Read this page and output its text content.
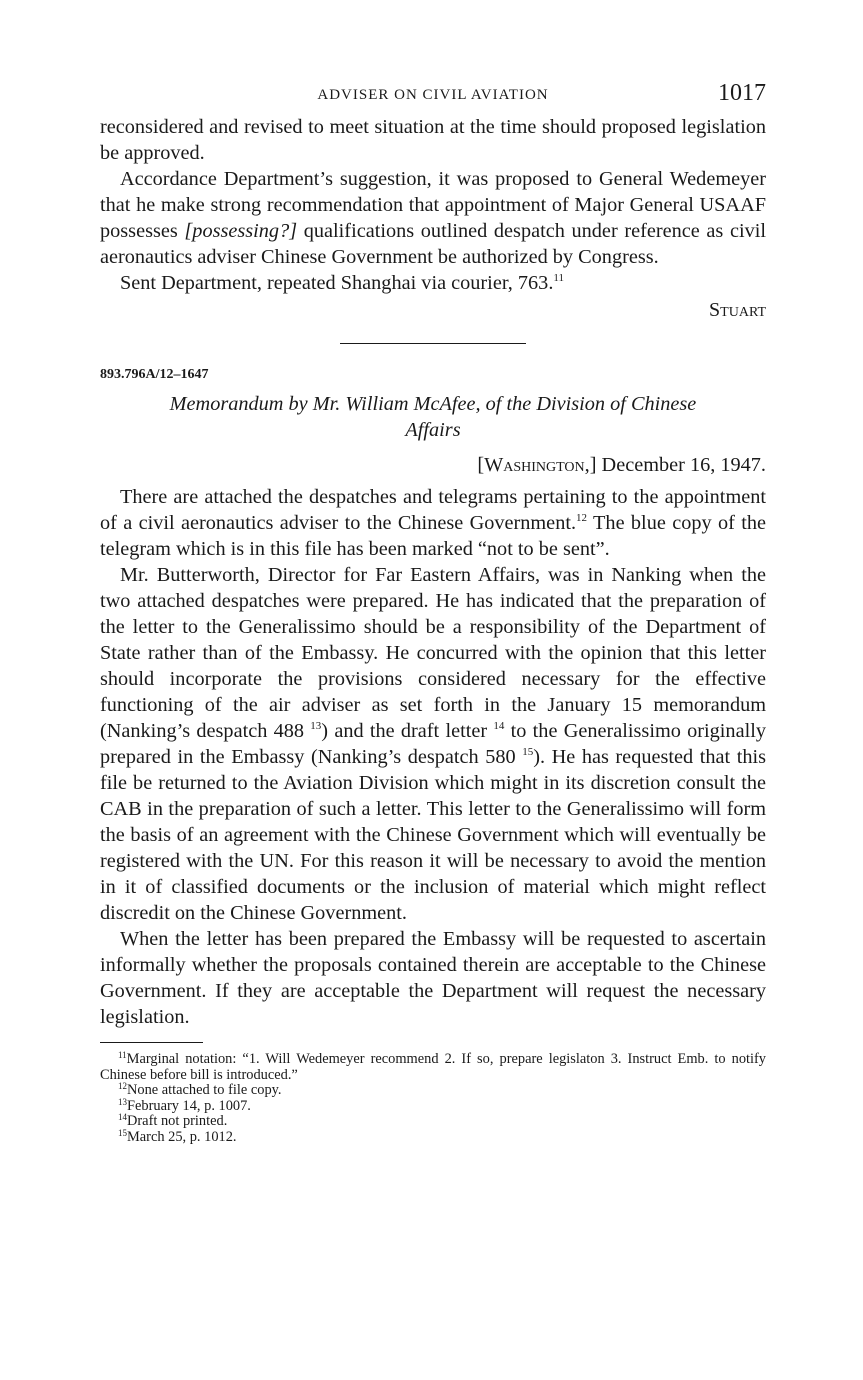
ADVISER ON CIVIL AVIATION	1017

reconsidered and revised to meet situation at the time should proposed legislation be approved.

Accordance Department’s suggestion, it was proposed to General Wedemeyer that he make strong recommendation that appointment of Major General USAAF possesses [possessing?] qualifications outlined despatch under reference as civil aeronautics adviser Chinese Government be authorized by Congress.

Sent Department, repeated Shanghai via courier, 763.11

Stuart
893.796A/12–1647
Memorandum by Mr. William McAfee, of the Division of Chinese
Affairs
[Washington,] December 16, 1947.

There are attached the despatches and telegrams pertaining to the appointment of a civil aeronautics adviser to the Chinese Government.$^{12}$ The blue copy of the telegram which is in this file has been marked “not to be sent”.

Mr. Butterworth, Director for Far Eastern Affairs, was in Nanking when the two attached despatches were prepared. He has indicated that the preparation of the letter to the Generalissimo should be a responsibility of the Department of State rather than of the Embassy. He concurred with the opinion that this letter should incorporate the provisions considered necessary for the effective functioning of the air adviser as set forth in the January 15 memorandum (Nanking’s despatch 488 $^{13}$) and the draft letter $^{14}$ to the Generalissimo originally prepared in the Embassy (Nanking’s despatch 580 $^{15}$). He has requested that this file be returned to the Aviation Division which might in its discretion consult the CAB in the preparation of such a letter. This letter to the Generalissimo will form the basis of an agreement with the Chinese Government which will eventually be registered with the UN. For this reason it will be necessary to avoid the mention in it of classified documents or the inclusion of material which might reflect discredit on the Chinese Government.

When the letter has been prepared the Embassy will be requested to ascertain informally whether the proposals contained therein are acceptable to the Chinese Government. If they are acceptable the Department will request the necessary legislation.

$^{11}$Marginal notation: “1. Will Wedemeyer recommend 2. If so, prepare legislaton 3. Instruct Emb. to notify Chinese before bill is introduced.”

$^{12}$None attached to file copy.

$^{13}$February 14, p. 1007.

$^{14}$Draft not printed.

$^{15}$March 25, p. 1012.
